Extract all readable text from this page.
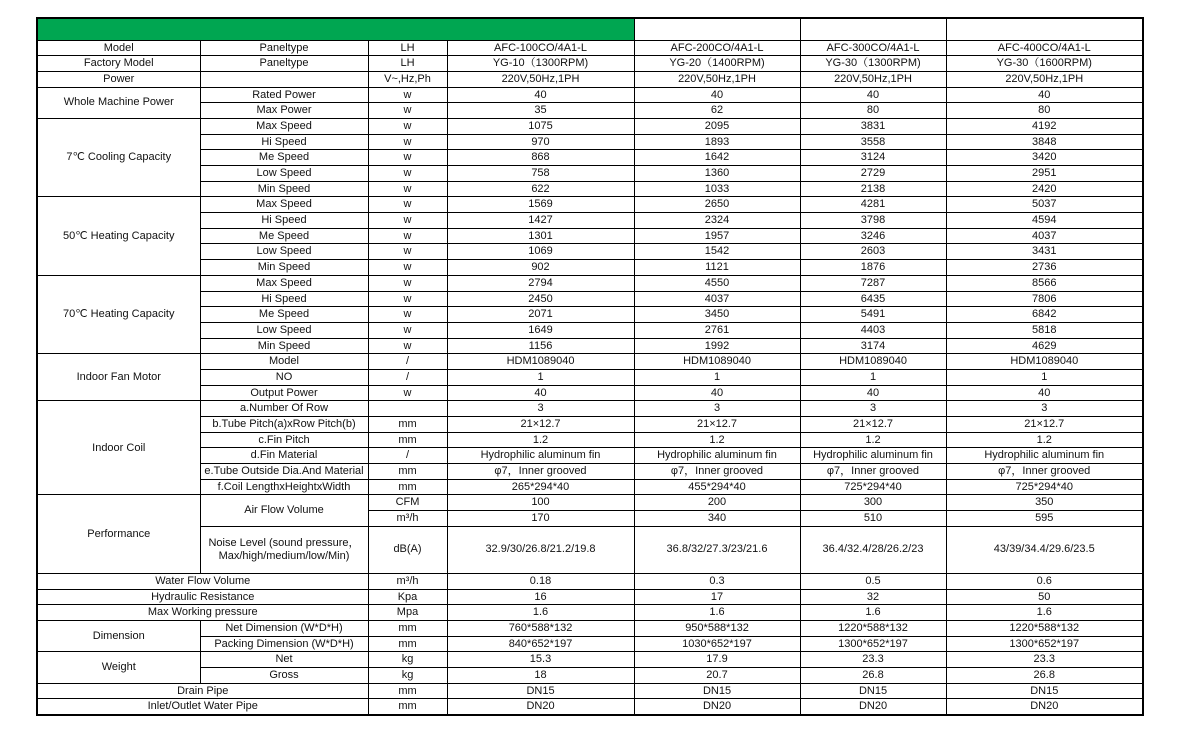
Model	Paneltype	LH	AFC-100CO/4A1-L	AFC-200CO/4A1-L	AFC-300CO/4A1-L	AFC-400CO/4A1-L
Factory Model	Paneltype	LH	YG-10（1300RPM)	YG-20（1400RPM)	YG-30（1300RPM)	YG-30（1600RPM)
Power		V~,Hz,Ph	220V,50Hz,1PH	220V,50Hz,1PH	220V,50Hz,1PH	220V,50Hz,1PH
Whole Machine Power	Rated Power	w	40	40	40	40
	Max Power	w	35	62	80	80
7℃ Cooling Capacity	Max Speed	w	1075	2095	3831	4192
	Hi Speed	w	970	1893	3558	3848
	Me Speed	w	868	1642	3124	3420
	Low Speed	w	758	1360	2729	2951
	Min Speed	w	622	1033	2138	2420
50℃ Heating Capacity	Max Speed	w	1569	2650	4281	5037
	Hi Speed	w	1427	2324	3798	4594
	Me Speed	w	1301	1957	3246	4037
	Low Speed	w	1069	1542	2603	3431
	Min Speed	w	902	1121	1876	2736
70℃ Heating Capacity	Max Speed	w	2794	4550	7287	8566
	Hi Speed	w	2450	4037	6435	7806
	Me Speed	w	2071	3450	5491	6842
	Low Speed	w	1649	2761	4403	5818
	Min Speed	w	1156	1992	3174	4629
Indoor Fan Motor	Model	/	HDM1089040	HDM1089040	HDM1089040	HDM1089040
	NO	/	1	1	1	1
	Output Power	w	40	40	40	40
Indoor Coil	a.Number Of Row		3	3	3	3
	b.Tube Pitch(a)xRow Pitch(b)	mm	21×12.7	21×12.7	21×12.7	21×12.7
	c.Fin Pitch	mm	1.2	1.2	1.2	1.2
	d.Fin Material	/	Hydrophilic aluminum fin	Hydrophilic aluminum fin	Hydrophilic aluminum fin	Hydrophilic aluminum fin
	e.Tube Outside Dia.And Material	mm	φ7，Inner grooved	φ7，Inner grooved	φ7，Inner grooved	φ7，Inner grooved
	f.Coil LengthxHeightxWidth	mm	265*294*40	455*294*40	725*294*40	725*294*40
Performance	Air Flow Volume	CFM	100	200	300	350
		m³/h	170	340	510	595
	Noise Level (sound pressure，Max/high/medium/low/Min)	dB(A)	32.9/30/26.8/21.2/19.8	36.8/32/27.3/23/21.6	36.4/32.4/28/26.2/23	43/39/34.4/29.6/23.5
Water Flow Volume		m³/h	0.18	0.3	0.5	0.6
Hydraulic Resistance		Kpa	16	17	32	50
Max Working pressure		Mpa	1.6	1.6	1.6	1.6
Dimension	Net Dimension (W*D*H)	mm	760*588*132	950*588*132	1220*588*132	1220*588*132
	Packing Dimension (W*D*H)	mm	840*652*197	1030*652*197	1300*652*197	1300*652*197
Weight	Net	kg	15.3	17.9	23.3	23.3
	Gross	kg	18	20.7	26.8	26.8
Drain Pipe		mm	DN15	DN15	DN15	DN15
Inlet/Outlet Water Pipe		mm	DN20	DN20	DN20	DN20
